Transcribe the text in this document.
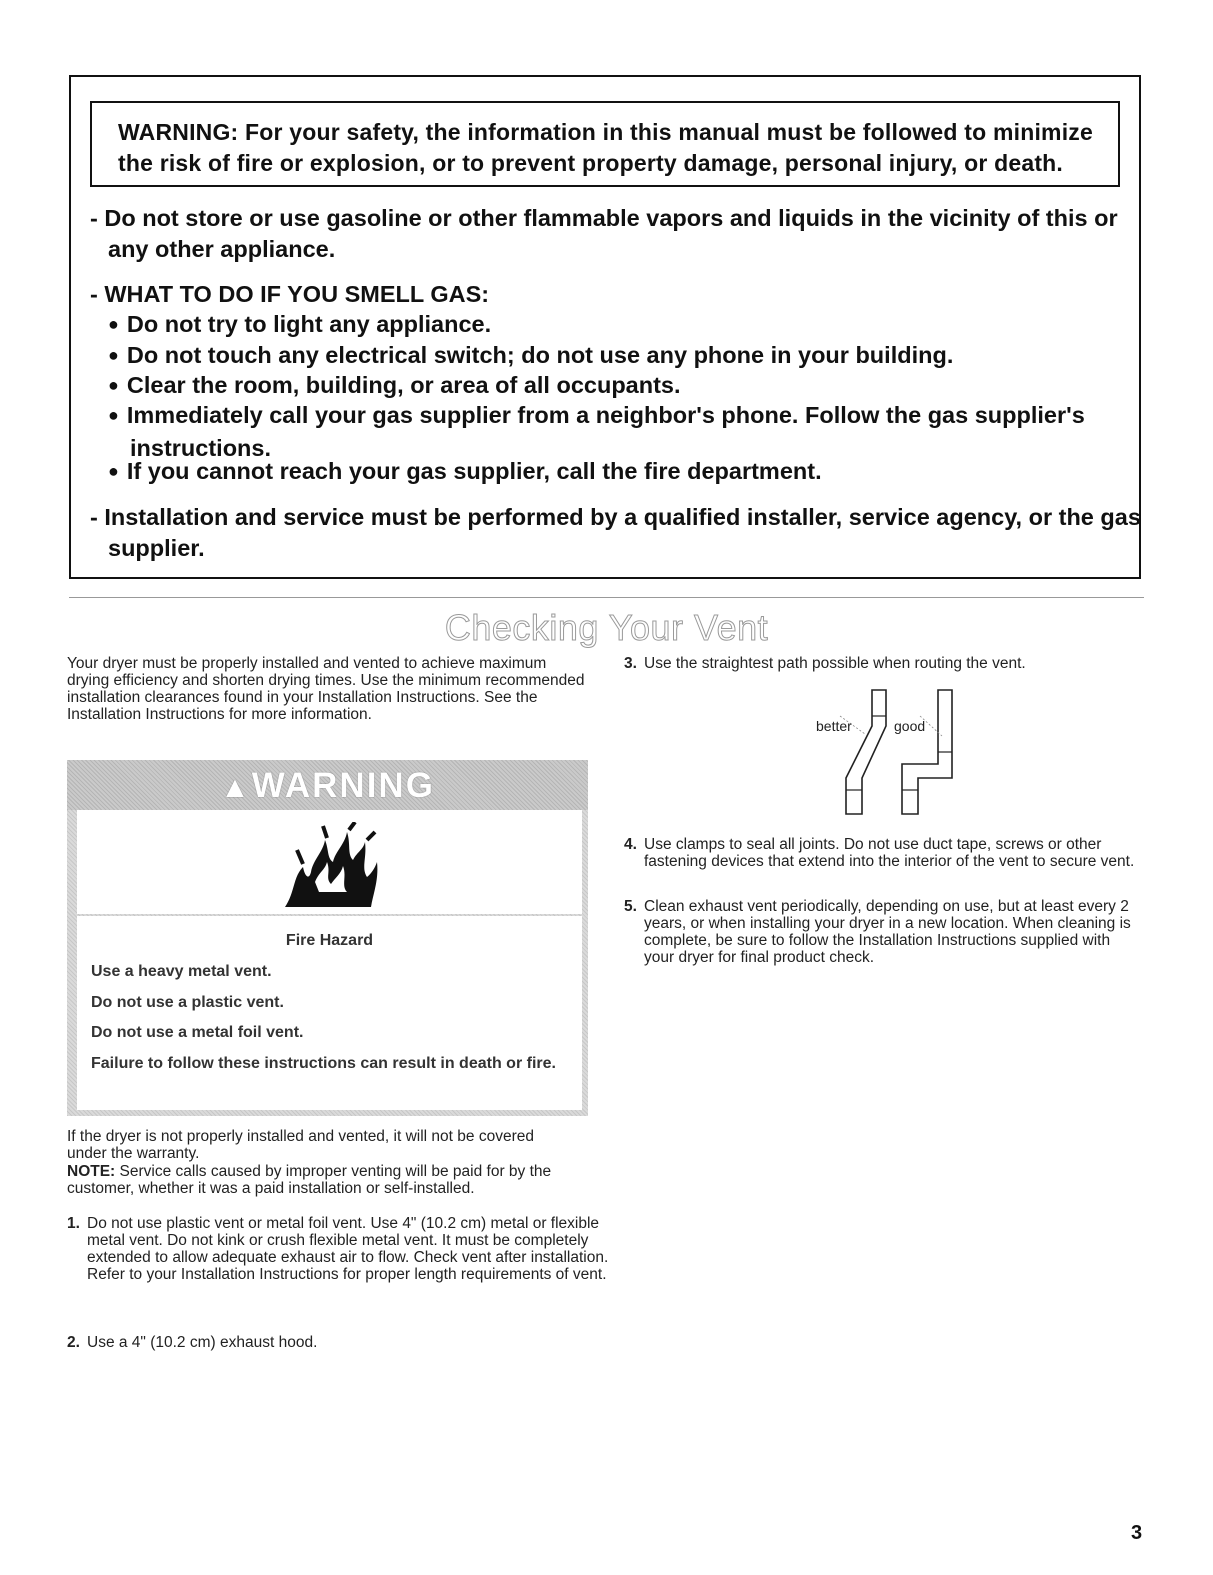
WARNING: For your safety, the information in this manual must be followed to minimize the risk of fire or explosion, or to prevent property damage, personal injury, or death.
- Do not store or use gasoline or other flammable vapors and liquids in the vicinity of this or any other appliance.
- WHAT TO DO IF YOU SMELL GAS:
● Do not try to light any appliance.
● Do not touch any electrical switch; do not use any phone in your building.
● Clear the room, building, or area of all occupants.
● Immediately call your gas supplier from a neighbor's phone. Follow the gas supplier's instructions.
● If you cannot reach your gas supplier, call the fire department.
- Installation and service must be performed by a qualified installer, service agency, or the gas supplier.
Checking Your Vent
Your dryer must be properly installed and vented to achieve maximum drying efficiency and shorten drying times. Use the minimum recommended installation clearances found in your Installation Instructions. See the Installation Instructions for more information.
▲WARNING
Fire Hazard
Use a heavy metal vent.
Do not use a plastic vent.
Do not use a metal foil vent.
Failure to follow these instructions can result in death or fire.
If the dryer is not properly installed and vented, it will not be covered under the warranty.
NOTE: Service calls caused by improper venting will be paid for by the customer, whether it was a paid installation or self-installed.
1. Do not use plastic vent or metal foil vent. Use 4" (10.2 cm) metal or flexible metal vent. Do not kink or crush flexible metal vent. It must be completely extended to allow adequate exhaust air to flow. Check vent after installation. Refer to your Installation Instructions for proper length requirements of vent.
2. Use a 4" (10.2 cm) exhaust hood.
3. Use the straightest path possible when routing the vent.
better	good
4. Use clamps to seal all joints. Do not use duct tape, screws or other fastening devices that extend into the interior of the vent to secure vent.
5. Clean exhaust vent periodically, depending on use, but at least every 2 years, or when installing your dryer in a new location. When cleaning is complete, be sure to follow the Installation Instructions supplied with your dryer for final product check.
3
